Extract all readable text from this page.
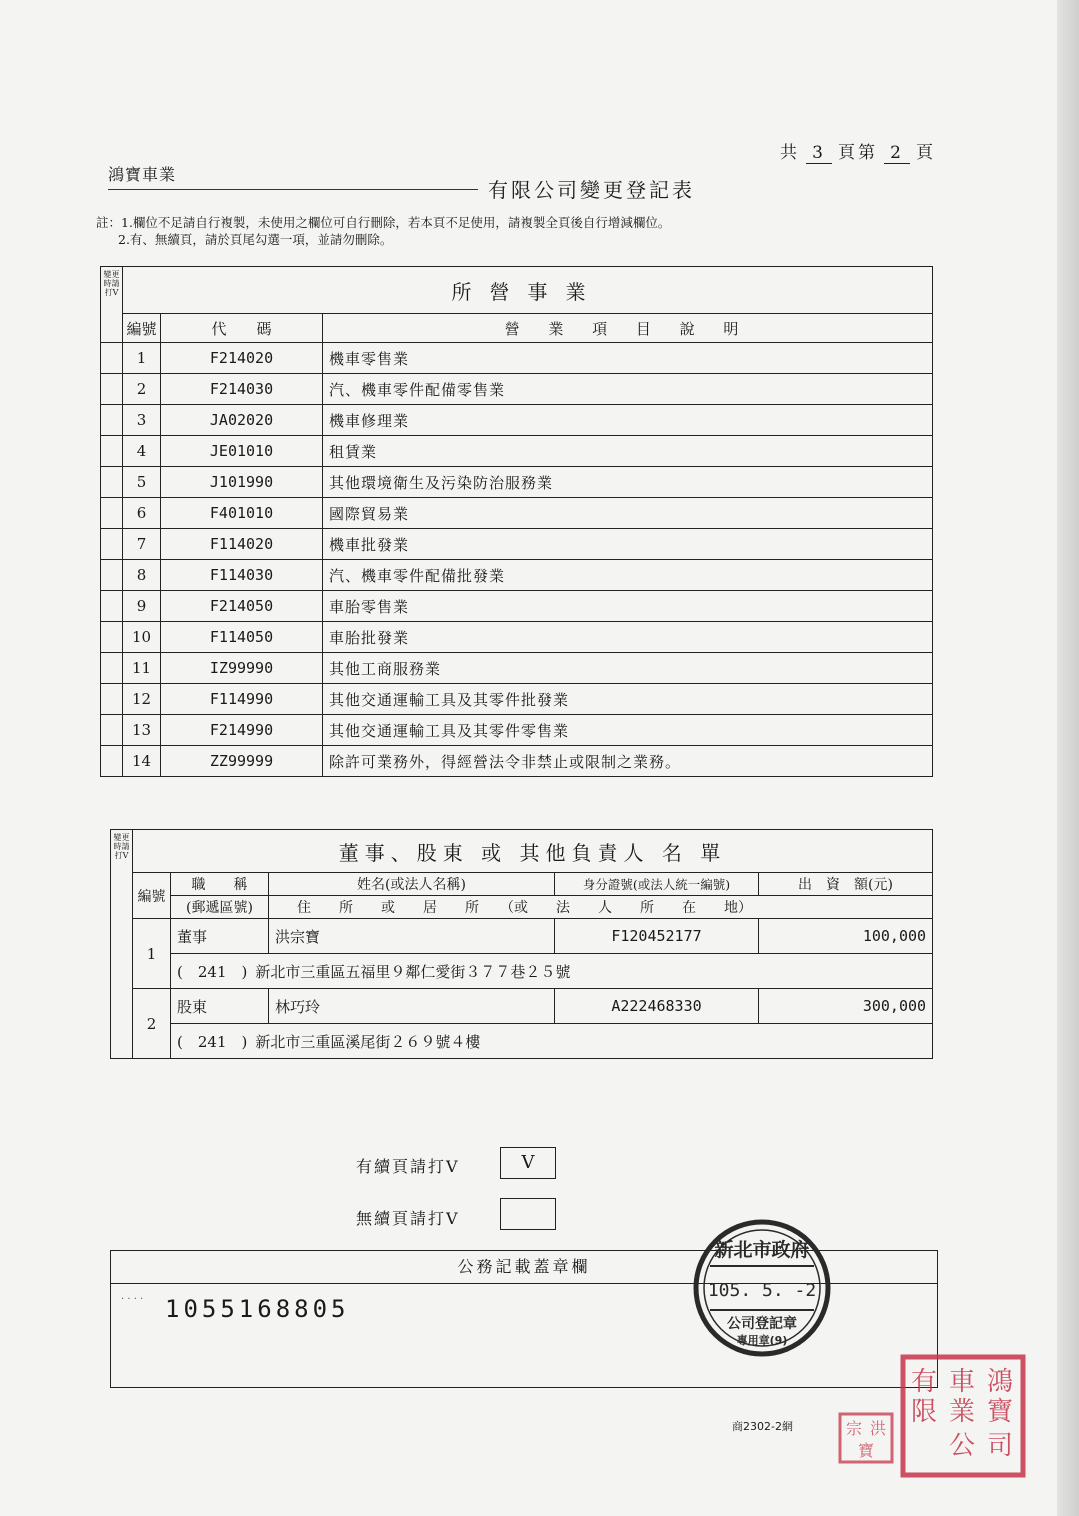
共 3 頁第 2 頁
鴻寶車業
有限公司變更登記表
註：1.欄位不足請自行複製，未使用之欄位可自行刪除，若本頁不足使用，請複製全頁後自行增減欄位。
2.有、無續頁，請於頁尾勾選一項，並請勿刪除。
變更時請打V	所營事業		
	編號	代　　碼	營 業 項 目 說 明
	1	F214020	機車零售業
	2	F214030	汽、機車零件配備零售業
	3	JA02020	機車修理業
	4	JE01010	租賃業
	5	J101990	其他環境衛生及污染防治服務業
	6	F401010	國際貿易業
	7	F114020	機車批發業
	8	F114030	汽、機車零件配備批發業
	9	F214050	車胎零售業
	10	F114050	車胎批發業
	11	IZ99990	其他工商服務業
	12	F114990	其他交通運輸工具及其零件批發業
	13	F214990	其他交通運輸工具及其零件零售業
	14	ZZ99999	除許可業務外，得經營法令非禁止或限制之業務。
變更時請打V	董事、股東 或 其他負責人 名 單				
	編號	職　　稱	姓名(或法人名稱)	身分證號(或法人統一編號)	出　資　額(元)
		(郵遞區號)	住　　所　　或　　居　　所　　（或　　法　　人　　所　　在　　地）		
	1	董事	洪宗寶	F120452177	100,000

		(　241　) 新北市三重區五福里９鄰仁愛街３７７巷２５號			

	2	股東	林巧玲	A222468330	300,000

		(　241　) 新北市三重區溪尾街２６９號４樓			
有續頁請打V	V
無續頁請打V
公務記載蓋章欄
. . . . 1055168805
新北市政府
105. 5. -2
公司登記章
專用章(9)
鴻
寶
車
業
有
限
公 司
洪
宗
寶
商2302-2網
